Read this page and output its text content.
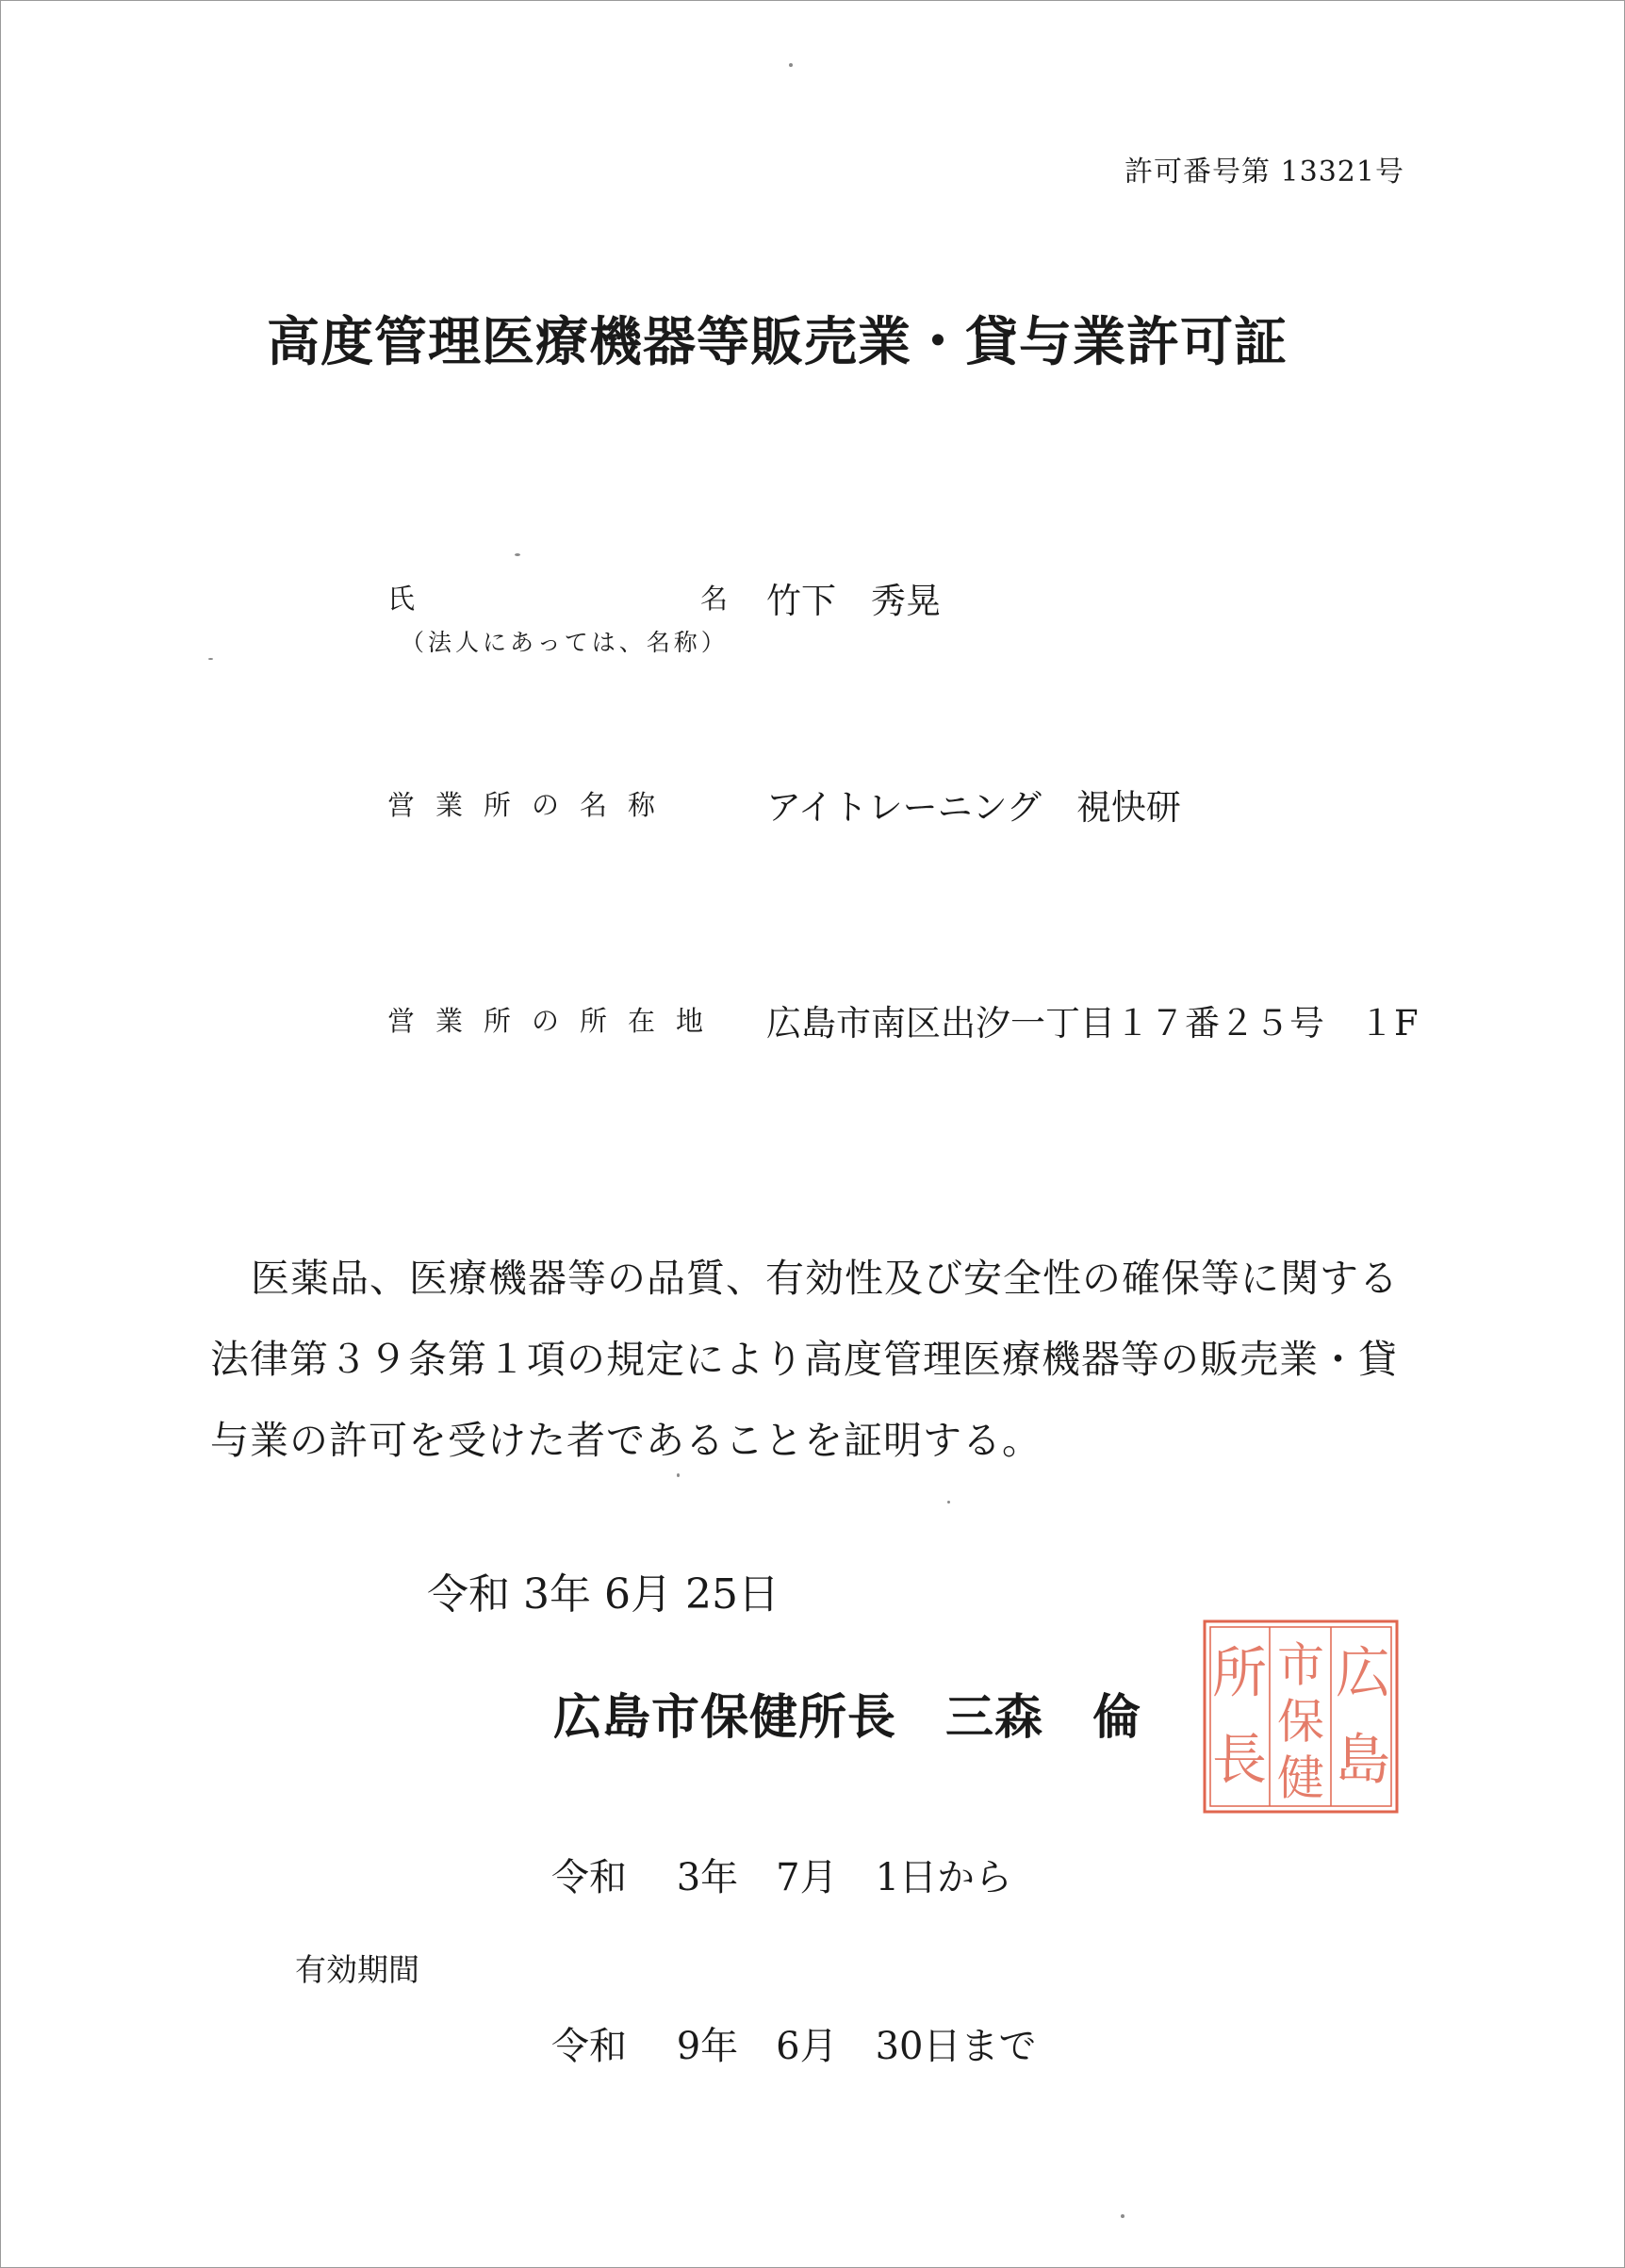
許可番号第 13321号
高度管理医療機器等販売業・貸与業許可証
氏	名
（法人にあっては、名称）
竹下　秀晃
営業所の名称	アイトレーニング　視快研
営業所の所在地 広島市南区出汐一丁目１７番２５号　１F
医薬品、医療機器等の品質、有効性及び安全性の確保等に関する法律第３９条第１項の規定により高度管理医療機器等の販売業・貸与業の許可を受けた者であることを証明する。
令和 3年 6月 25日
広島市保健所長　三森　倫
広
島
市
保
健
所
長
令和　 3年　7月　1日から
有効期間
令和　 9年　6月　30日まで
